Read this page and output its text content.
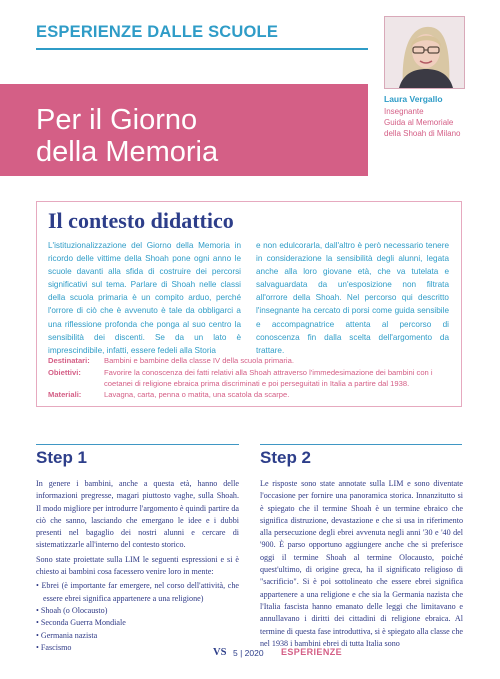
ESPERIENZE DALLE SCUOLE
Per il Giorno
della Memoria
Laura Vergallo
Insegnante
Guida al Memoriale
della Shoah di Milano
Il contesto didattico
L'istituzionalizzazione del Giorno della Memoria in ricordo delle vittime della Shoah pone ogni anno le scuole davanti alla sfida di costruire dei percorsi significativi sul tema. Parlare di Shoah nelle classi della scuola primaria è un compito arduo, perché l'orrore di ciò che è avvenuto è tale da obbligarci a una riflessione profonda che ponga al suo centro la sensibilità dei discenti. Se da un lato è imprescindibile, infatti, essere fedeli alla Storia
e non edulcorarla, dall'altro è però necessario tenere in considerazione la sensibilità degli alunni, legata anche alla loro giovane età, che va tutelata e salvaguardata da un'esposizione non filtrata all'orrore della Shoah. Nel percorso qui descritto l'insegnante ha cercato di porsi come guida sensibile e accompagnatrice attenta al percorso di conoscenza fin dalla scelta dell'argomento da trattare.
Destinatari: Bambini e bambine della classe IV della scuola primaria.
Obiettivi:	Favorire la conoscenza dei fatti relativi alla Shoah attraverso l'immedesimazione dei bambini con i coetanei di religione ebraica prima discriminati e poi perseguitati in Italia a partire dal 1938.
Materiali:	Lavagna, carta, penna o matita, una scatola da scarpe.
Step 1

In genere i bambini, anche a questa età, hanno delle informazioni pregresse, magari piuttosto vaghe, sulla Shoah. Il modo migliore per introdurre l'argomento è quindi partire da ciò che sanno, lasciando che emergano le idee e i dubbi presenti nel bagaglio dei nostri alunni e cercare di sistematizzarle all'interno del contesto storico.

Sono state proiettate sulla LIM le seguenti espressioni e si è chiesto ai bambini cosa facessero venire loro in mente:

• Ebrei (è importante far emergere, nel corso dell'attività, che essere ebrei significa appartenere a una religione)

• Shoah (o Olocausto)

• Seconda Guerra Mondiale

• Germania nazista

• Fascismo

Step 2

Le risposte sono state annotate sulla LIM e sono diventate l'occasione per fornire una panoramica storica. Innanzitutto si è spiegato che il termine Shoah è un termine ebraico che significa distruzione, devastazione e che si usa in riferimento alla persecuzione degli ebrei avvenuta negli anni '30 e '40 del '900. È parso opportuno aggiungere anche che si preferisce oggi il termine Shoah al termine Olocausto, poiché quest'ultimo, di origine greca, ha il significato religioso di "sacrificio". Si è poi sottolineato che essere ebrei significa appartenere a una religione e che sia la Germania nazista che l'Italia fascista hanno emanato delle leggi che limitavano e annullavano i diritti dei cittadini di religione ebraica. Al termine di questa fase introduttiva, si è spiegato alla classe che nel 1938 i bambini ebrei di tutta Italia sono

VS 5 | 2020 ESPERIENZE
